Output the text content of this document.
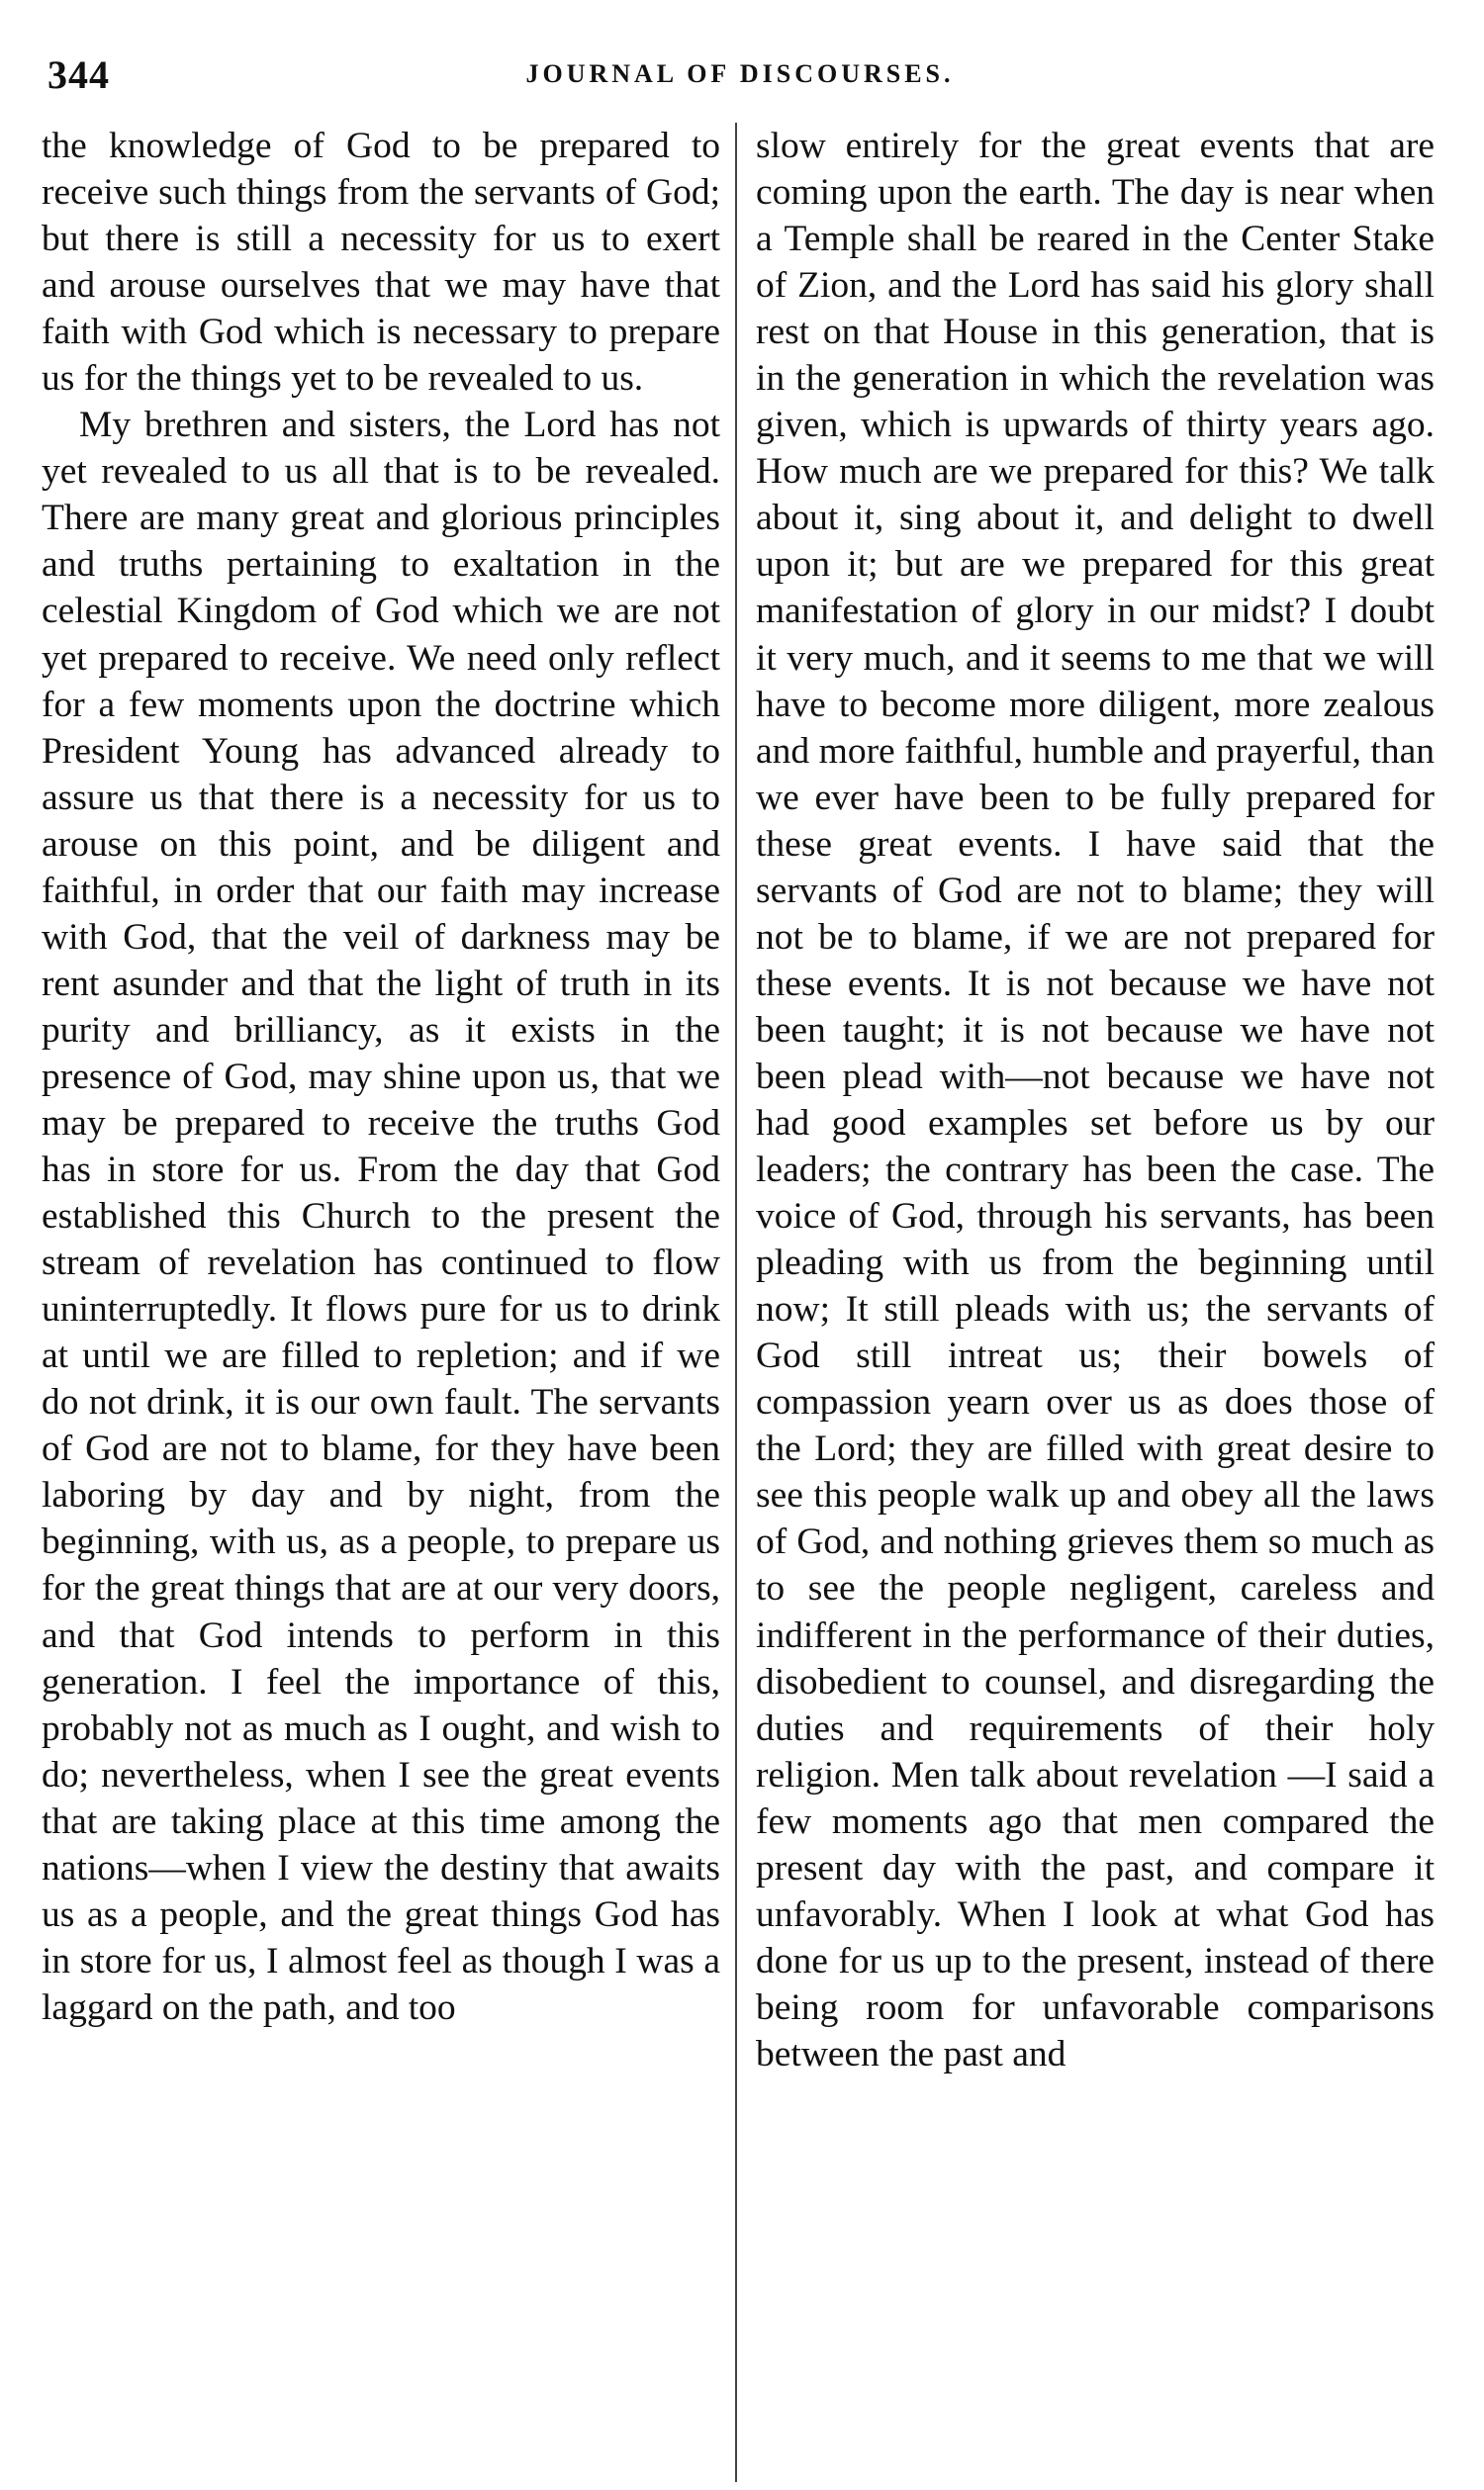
344	JOURNAL OF DISCOURSES.

the knowledge of God to be prepared to receive such things from the servants of God; but there is still a necessity for us to exert and arouse ourselves that we may have that faith with God which is necessary to prepare us for the things yet to be revealed to us.

My brethren and sisters, the Lord has not yet revealed to us all that is to be revealed. There are many great and glorious principles and truths pertaining to exaltation in the celestial Kingdom of God which we are not yet prepared to receive. We need only reflect for a few moments upon the doctrine which President Young has advanced already to assure us that there is a necessity for us to arouse on this point, and be diligent and faithful, in order that our faith may increase with God, that the veil of darkness may be rent asunder and that the light of truth in its purity and brilliancy, as it exists in the presence of God, may shine upon us, that we may be prepared to receive the truths God has in store for us. From the day that God established this Church to the present the stream of revelation has continued to flow uninterruptedly. It flows pure for us to drink at until we are filled to repletion; and if we do not drink, it is our own fault. The servants of God are not to blame, for they have been laboring by day and by night, from the beginning, with us, as a people, to prepare us for the great things that are at our very doors, and that God intends to perform in this generation. I feel the importance of this, probably not as much as I ought, and wish to do; nevertheless, when I see the great events that are taking place at this time among the nations—when I view the destiny that awaits us as a people, and the great things God has in store for us, I almost feel as though I was a laggard on the path, and too

slow entirely for the great events that are coming upon the earth. The day is near when a Temple shall be reared in the Center Stake of Zion, and the Lord has said his glory shall rest on that House in this generation, that is in the generation in which the revelation was given, which is upwards of thirty years ago. How much are we prepared for this? We talk about it, sing about it, and delight to dwell upon it; but are we prepared for this great manifestation of glory in our midst? I doubt it very much, and it seems to me that we will have to become more diligent, more zealous and more faithful, humble and prayerful, than we ever have been to be fully prepared for these great events. I have said that the servants of God are not to blame; they will not be to blame, if we are not prepared for these events. It is not because we have not been taught; it is not because we have not been plead with—not because we have not had good examples set before us by our leaders; the contrary has been the case. The voice of God, through his servants, has been pleading with us from the beginning until now; It still pleads with us; the servants of God still intreat us; their bowels of compassion yearn over us as does those of the Lord; they are filled with great desire to see this people walk up and obey all the laws of God, and nothing grieves them so much as to see the people negligent, careless and indifferent in the performance of their duties, disobedient to counsel, and disregarding the duties and requirements of their holy religion. Men talk about revelation —I said a few moments ago that men compared the present day with the past, and compare it unfavorably. When I look at what God has done for us up to the present, instead of there being room for unfavorable comparisons between the past and
